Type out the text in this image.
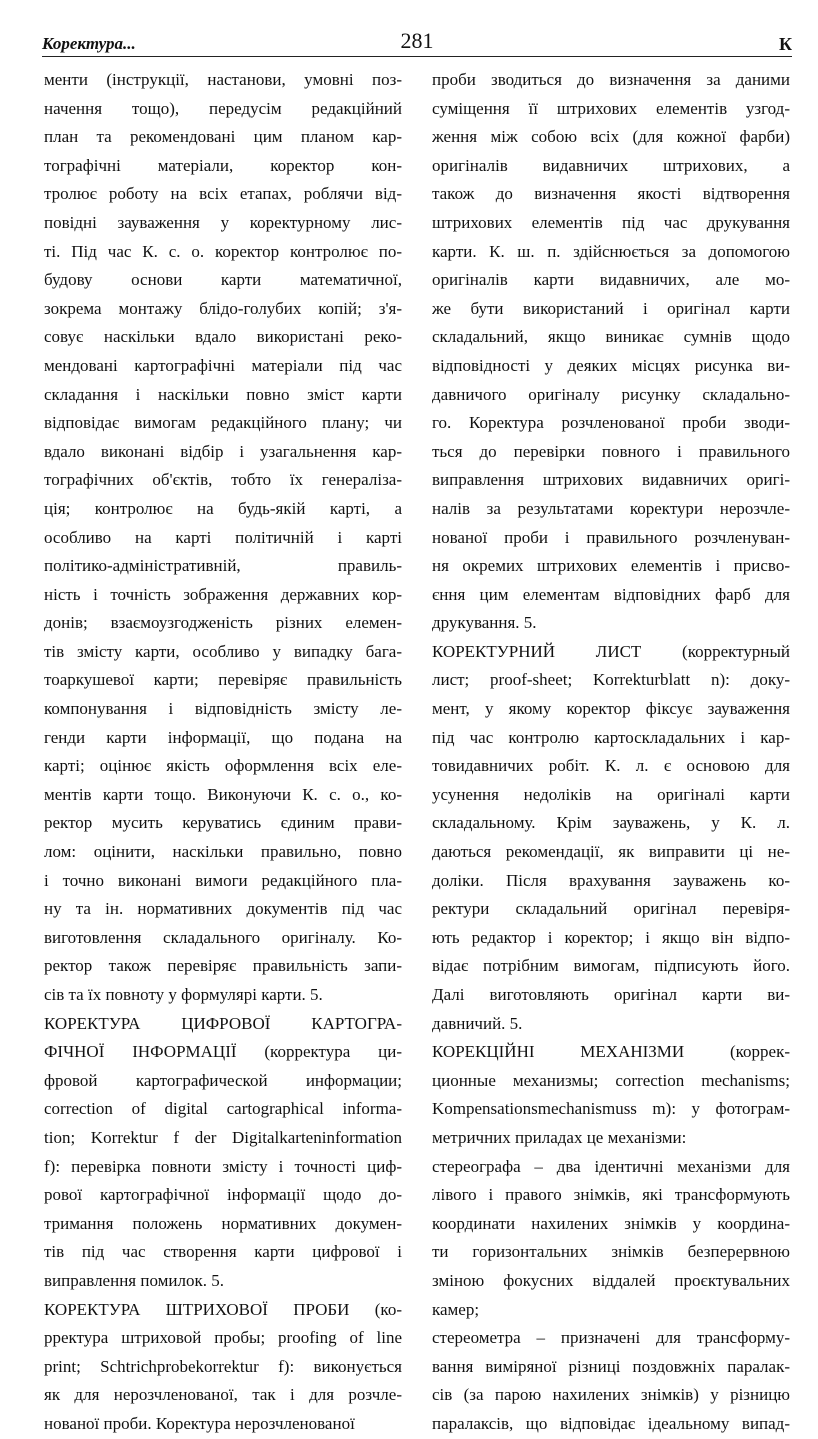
Коректура...	281	К
менти (інструкції, настанови, умовні поз-
начення тощо), передусім редакційний
план та рекомендовані цим планом кар-
тографічні матеріали, коректор кон-
тролює роботу на всіх етапах, роблячи від-
повідні зауваження у коректурному лис-
ті. Під час К. с. о. коректор контролює по-
будову основи карти математичної,
зокрема монтажу блідо-голубих копій; з'я-
совує наскільки вдало використані реко-
мендовані картографічні матеріали під час
складання і наскільки повно зміст карти
відповідає вимогам редакційного плану; чи
вдало виконані відбір і узагальнення кар-
тографічних об'єктів, тобто їх генералізa-
ція; контролює на будь-якій карті, а
особливо на карті політичній і карті
політико-адміністративній, правиль-
ність і точність зображення державних кор-
донів; взаємоузгодженість різних елемен-
тів змісту карти, особливо у випадку бага-
тоаркушевої карти; перевіряє правильність
компонування і відповідність змісту ле-
генди карти інформації, що подана на
карті; оцінює якість оформлення всіх еле-
ментів карти тощо. Виконуючи К. с. о., ко-
ректор мусить керуватись єдиним прави-
лом: оцінити, наскільки правильно, повно
і точно виконані вимоги редакційного пла-
ну та ін. нормативних документів під час
виготовлення складального оригіналу. Ко-
ректор також перевіряє правильність запи-
сів та їх повноту у формулярі карти. 5.
КОРЕКТУРА ЦИФРОВОЇ КАРТОГРА-
ФІЧНОЇ ІНФОРМАЦІЇ (корректура ци-
фровой картографической информации;
correction of digital cartographical informa-
tion; Korrektur f der Digitalkarteninformation
f): перевірка повноти змісту і точності циф-
рової картографічної інформації щодо до-
тримання положень нормативних докумен-
тів під час створення карти цифрової і
виправлення помилок. 5.
КОРЕКТУРА ШТРИХОВОЇ ПРОБИ (ко-
рректура штриховой пробы; proofing of line
print; Schtrichprobekorrektur f): виконується
як для нерозчленованої, так і для розчле-
нованої проби. Коректура нерозчленованої
проби зводиться до визначення за даними
суміщення її штрихових елементів узгод-
ження між собою всіх (для кожної фарби)
оригіналів видавничих штрихових, а
також до визначення якості відтворення
штрихових елементів під час друкування
карти. К. ш. п. здійснюється за допомогою
оригіналів карти видавничих, але мо-
же бути використаний і оригінал карти
складальний, якщо виникає сумнів щодо
відповідності у деяких місцях рисунка ви-
давничого оригіналу рисунку складально-
го. Коректура розчленованої проби зводи-
ться до перевірки повного і правильного
виправлення штрихових видавничих оригі-
налів за результатами коректури нерозчле-
нованої проби і правильного розчленуван-
ня окремих штрихових елементів і присво-
єння цим елементам відповідних фарб для
друкування. 5.
КОРЕКТУРНИЙ ЛИСТ (корректурный
лист; proof-sheet; Korrekturblatt n): доку-
мент, у якому коректор фіксує зауваження
під час контролю картоскладальних і кар-
товидавничих робіт. К. л. є основою для
усунення недоліків на оригіналі карти
складальному. Крім зауважень, у К. л.
даються рекомендації, як виправити ці не-
доліки. Після врахування зауважень ко-
ректури складальний оригінал перевіря-
ють редактор і коректор; і якщо він відпо-
відає потрібним вимогам, підписують його.
Далі виготовляють оригінал карти ви-
давничий. 5.
КОРЕКЦІЙНІ МЕХАНІЗМИ (коррек-
ционные механизмы; correction mechanisms;
Kompensationsmechanismuss m): у фотограм-
метричних приладах це механізми:
стереографа – два ідентичні механізми для
лівого і правого знімків, які трансформують
координати нахилених знімків у координа-
ти горизонтальних знімків безперервною
зміною фокусних віддалей проєктувальних
камер;
стереометра – призначені для трансформу-
вання виміряної різниці поздовжніх паралак-
сів (за парою нахилених знімків) у різницю
паралаксів, що відповідає ідеальному випад-
